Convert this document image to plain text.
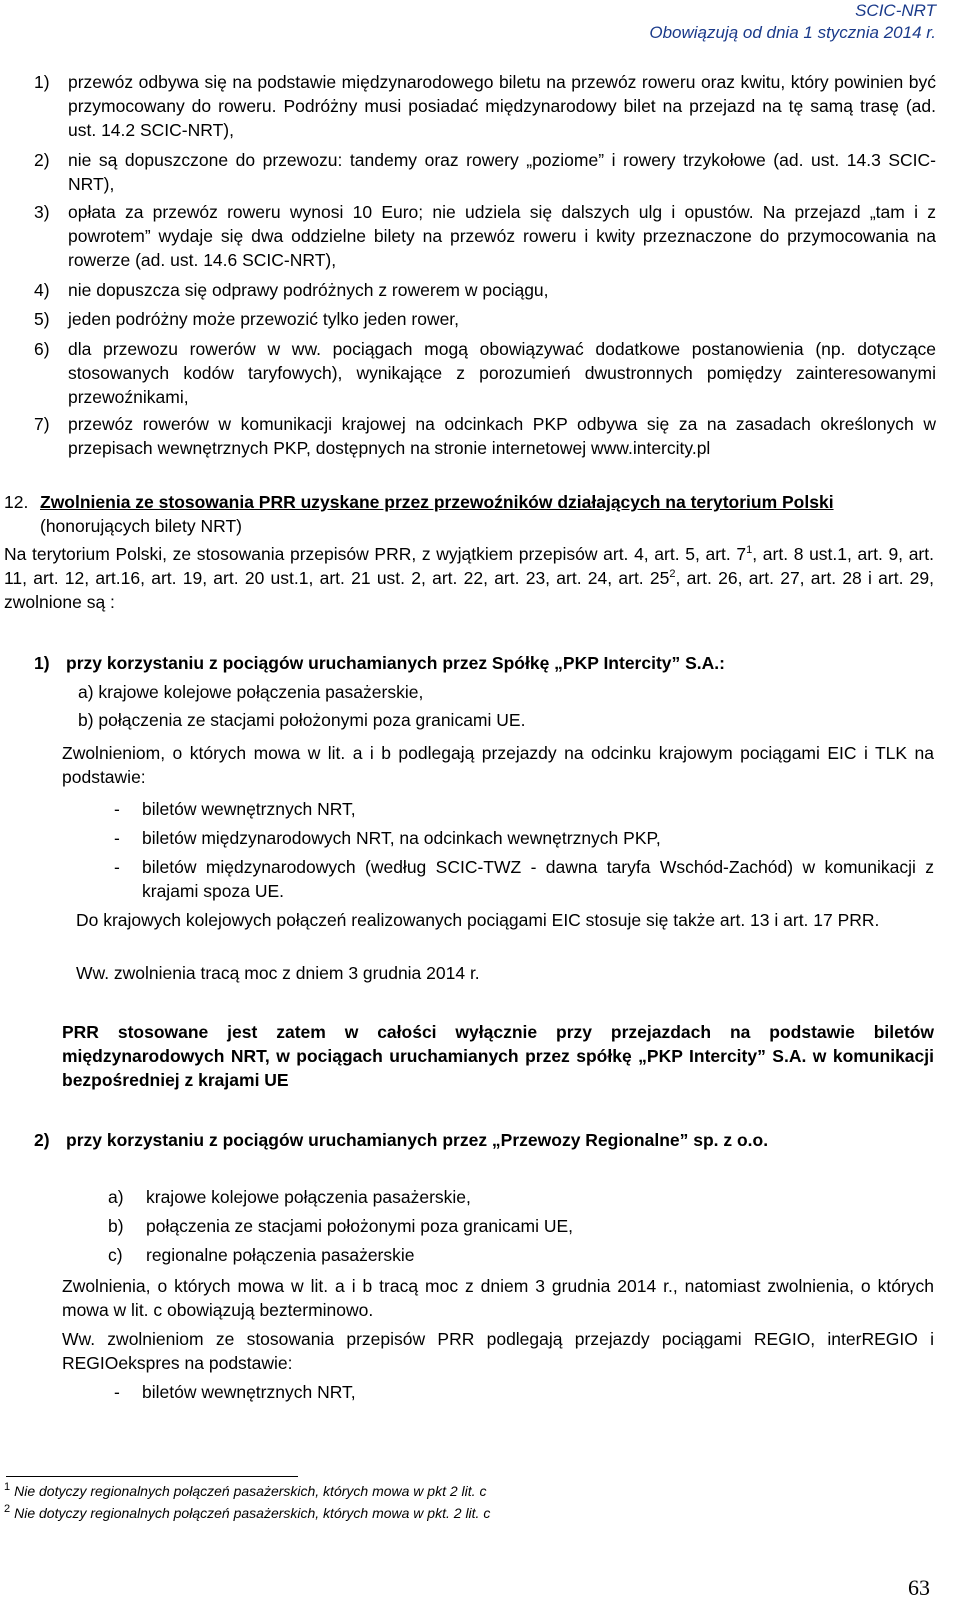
SCIC-NRT
Obowiązują od dnia 1 stycznia 2014 r.
1) przewóz odbywa się na podstawie międzynarodowego biletu na przewóz roweru oraz kwitu, który powinien być przymocowany do roweru. Podróżny musi posiadać międzynarodowy bilet na przejazd na tę samą trasę (ad. ust. 14.2 SCIC-NRT),
2) nie są dopuszczone do przewozu: tandemy oraz rowery „poziome” i rowery trzykołowe (ad. ust. 14.3 SCIC-NRT),
3) opłata za przewóz roweru wynosi 10 Euro; nie udziela się dalszych ulg i opustów. Na przejazd „tam i z powrotem” wydaje się dwa oddzielne bilety na przewóz roweru i kwity przeznaczone do przymocowania na rowerze (ad. ust. 14.6 SCIC-NRT),
4) nie dopuszcza się odprawy podróżnych z rowerem w pociągu,
5) jeden podróżny może przewozić tylko jeden rower,
6) dla przewozu rowerów w ww. pociągach mogą obowiązywać dodatkowe postanowienia (np. dotyczące stosowanych kodów taryfowych), wynikające z porozumień dwustronnych pomiędzy zainteresowanymi przewoźnikami,
7) przewóz rowerów w komunikacji krajowej na odcinkach PKP odbywa się za na zasadach określonych w przepisach wewnętrznych PKP, dostępnych na stronie internetowej www.intercity.pl
12. Zwolnienia ze stosowania PRR uzyskane przez przewoźników działających na terytorium Polski (honorujących bilety NRT)
Na terytorium Polski, ze stosowania przepisów PRR, z wyjątkiem przepisów art. 4, art. 5, art. $7^1$, art. 8 ust.1, art. 9, art. 11, art. 12, art.16, art. 19, art. 20 ust.1, art. 21 ust. 2, art. 22, art. 23, art. 24, art. $25^2$, art. 26, art. 27, art. 28 i art. 29, zwolnione są :
1) przy korzystaniu z pociągów uruchamianych przez Spółkę „PKP Intercity” S.A.:
a) krajowe kolejowe połączenia pasażerskie,
b) połączenia ze stacjami położonymi poza granicami UE.
Zwolnieniom, o których mowa w lit. a i b podlegają przejazdy na odcinku krajowym pociągami EIC i TLK na podstawie:
- biletów wewnętrznych NRT,
- biletów międzynarodowych NRT, na odcinkach wewnętrznych PKP,
- biletów międzynarodowych (według SCIC-TWZ - dawna taryfa Wschód-Zachód) w komunikacji z krajami spoza UE.
Do krajowych kolejowych połączeń realizowanych pociągami EIC stosuje się także art. 13 i art. 17 PRR.
Ww. zwolnienia tracą moc z dniem 3 grudnia 2014 r.
PRR stosowane jest zatem w całości wyłącznie przy przejazdach na podstawie biletów międzynarodowych NRT, w pociągach uruchamianych przez spółkę „PKP Intercity” S.A. w komunikacji bezpośredniej z krajami UE
2) przy korzystaniu z pociągów uruchamianych przez „Przewozy Regionalne” sp. z o.o.
a) krajowe kolejowe połączenia pasażerskie,
b) połączenia ze stacjami położonymi poza granicami UE,
c) regionalne połączenia pasażerskie
Zwolnienia, o których mowa w lit. a i b tracą moc z dniem 3 grudnia 2014 r., natomiast zwolnienia, o których mowa w lit. c obowiązują bezterminowo.
Ww. zwolnieniom ze stosowania przepisów PRR podlegają przejazdy pociągami REGIO, interREGIO i REGIOekspres na podstawie:
- biletów wewnętrznych NRT,
$^1$ Nie dotyczy regionalnych połączeń pasażerskich, których mowa w pkt 2 lit. c
$^2$ Nie dotyczy regionalnych połączeń pasażerskich, których mowa w pkt. 2 lit. c
63
